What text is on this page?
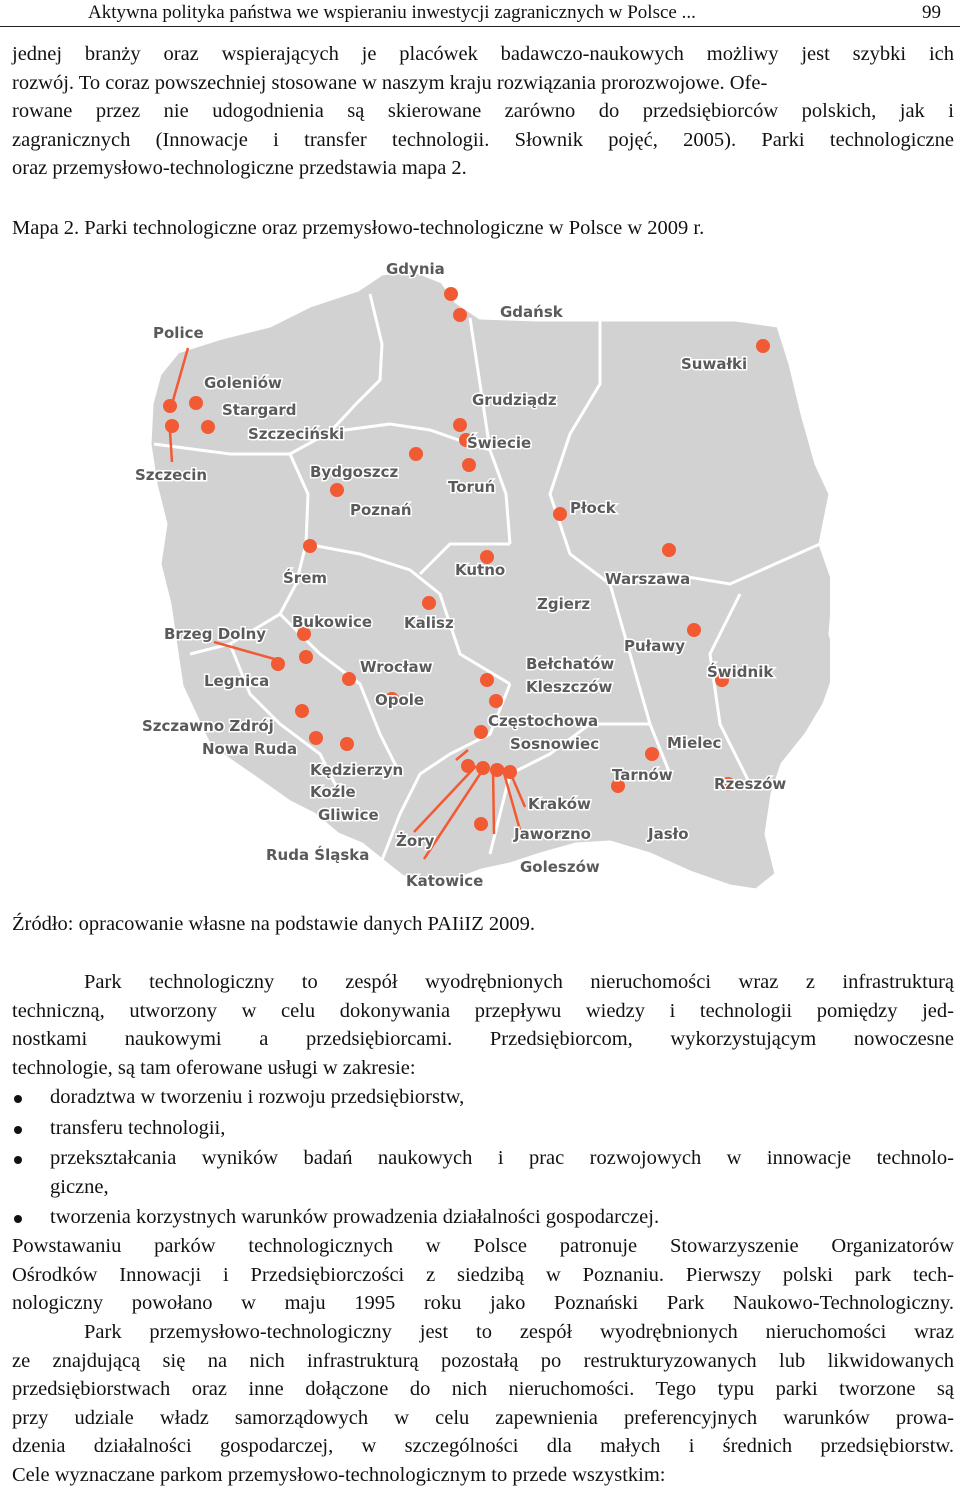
Aktywna polityka państwa we wspieraniu inwestycji zagranicznych w Polsce ...	99
jednej branży oraz wspierających je placówek badawczo-naukowych możliwy jest szybki ich
rozwój. To coraz powszechniej stosowane w naszym kraju rozwiązania prorozwojowe. Ofe-
rowane przez nie udogodnienia są skierowane zarówno do przedsiębiorców polskich, jak i
zagranicznych (Innowacje i transfer technologii. Słownik pojęć, 2005). Parki technologiczne
oraz przemysłowo-technologiczne przedstawia mapa 2.
Mapa 2. Parki technologiczne oraz przemysłowo-technologiczne w Polsce w 2009 r.
Gdynia
Gdańsk
Police
Suwałki
Goleniów
Stargard
Szczeciński
Grudziądz
Świecie
Szczecin	Bydgoszcz
Toruń
Poznań	Płock
Śrem	Kutno	Warszawa
Zgierz
Brzeg Dolny
Bukowice Kalisz
Puławy
Legnica
Wrocław	Bełchatów	Świdnik
Kleszczów
Opole
Szczawno Zdrój
Nowa Ruda
Częstochowa
Sosnowiec	Mielec
Kędzierzyn
Koźle
Tarnów	Rzeszów
Gliwice
Kraków
Żory	Jaworzno	Jasło
Ruda Śląska
Goleszów
Katowice
Źródło: opracowanie własne na podstawie danych PAIiIZ 2009.
Park technologiczny to zespół wyodrębnionych nieruchomości wraz z infrastrukturą
techniczną, utworzony w celu dokonywania przepływu wiedzy i technologii pomiędzy jed-
nostkami naukowymi a przedsiębiorcami. Przedsiębiorcom, wykorzystującym nowoczesne
technologie, są tam oferowane usługi w zakresie:
doradztwa w tworzeniu i rozwoju przedsiębiorstw,
transferu technologii,
przekształcania wyników badań naukowych i prac rozwojowych w innowacje technolo-
giczne,
tworzenia korzystnych warunków prowadzenia działalności gospodarczej.
Powstawaniu parków technologicznych w Polsce patronuje Stowarzyszenie Organizatorów
Ośrodków Innowacji i Przedsiębiorczości z siedzibą w Poznaniu. Pierwszy polski park tech-
nologiczny powołano w maju 1995 roku jako Poznański Park Naukowo-Technologiczny.
Park przemysłowo-technologiczny jest to zespół wyodrębnionych nieruchomości wraz
ze znajdującą się na nich infrastrukturą pozostałą po restrukturyzowanych lub likwidowanych
przedsiębiorstwach oraz inne dołączone do nich nieruchomości. Tego typu parki tworzone są
przy udziale władz samorządowych w celu zapewnienia preferencyjnych warunków prowa-
dzenia działalności gospodarczej, w szczególności dla małych i średnich przedsiębiorstw.
Cele wyznaczane parkom przemysłowo-technologicznym to przede wszystkim:
